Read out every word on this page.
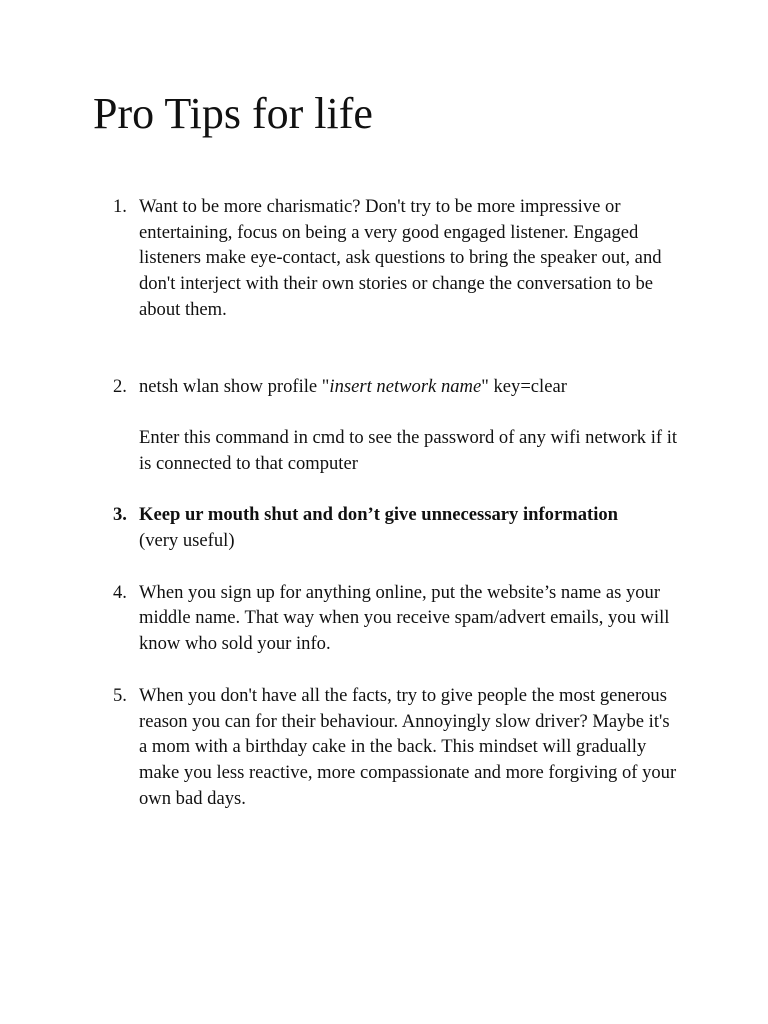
Pro Tips for life
1. Want to be more charismatic? Don't try to be more impressive or entertaining, focus on being a very good engaged listener. Engaged listeners make eye-contact, ask questions to bring the speaker out, and don't interject with their own stories or change the conversation to be about them.

2. netsh wlan show profile "insert network name" key=clear

Enter this command in cmd to see the password of any wifi network if it is connected to that computer

3. Keep ur mouth shut and don’t give unnecessary information

(very useful)

4. When you sign up for anything online, put the website’s name as your middle name. That way when you receive spam/advert emails, you will know who sold your info.

5. When you don't have all the facts, try to give people the most generous reason you can for their behaviour. Annoyingly slow driver? Maybe it's a mom with a birthday cake in the back. This mindset will gradually make you less reactive, more compassionate and more forgiving of your own bad days.
